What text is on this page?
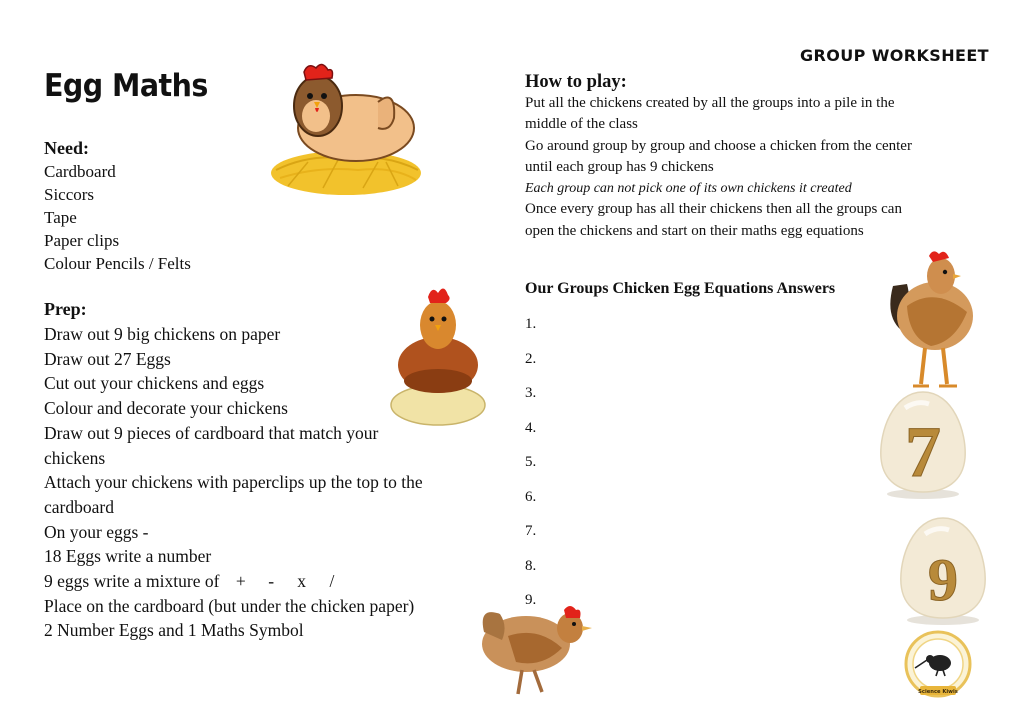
GROUP WORKSHEET
Egg Maths
Need:
Cardboard
Siccors
Tape
Paper clips
Colour Pencils / Felts
Prep:
Draw out 9 big chickens on paper
Draw out 27 Eggs
Cut out your chickens and eggs
Colour and decorate your chickens
Draw out 9 pieces of cardboard that match your
chickens
Attach your chickens with paperclips up the top to the
cardboard
On your eggs -
18 Eggs write a number
9 eggs write a mixture of + - x /
Place on the cardboard (but under the chicken paper)
2 Number Eggs and 1 Maths Symbol
How to play:
Put all the chickens created by all the groups into a pile in the
middle of the class
Go around group by group and choose a chicken from the center
until each group has 9 chickens
Each group can not pick one of its own chickens it created
Once every group has all their chickens then all the groups can
open the chickens and start on their maths egg equations
Our Groups Chicken Egg Equations Answers
1.
2.
3.
4.
5.
6.
7.
8.
9.
7
9
Science Kiwis
